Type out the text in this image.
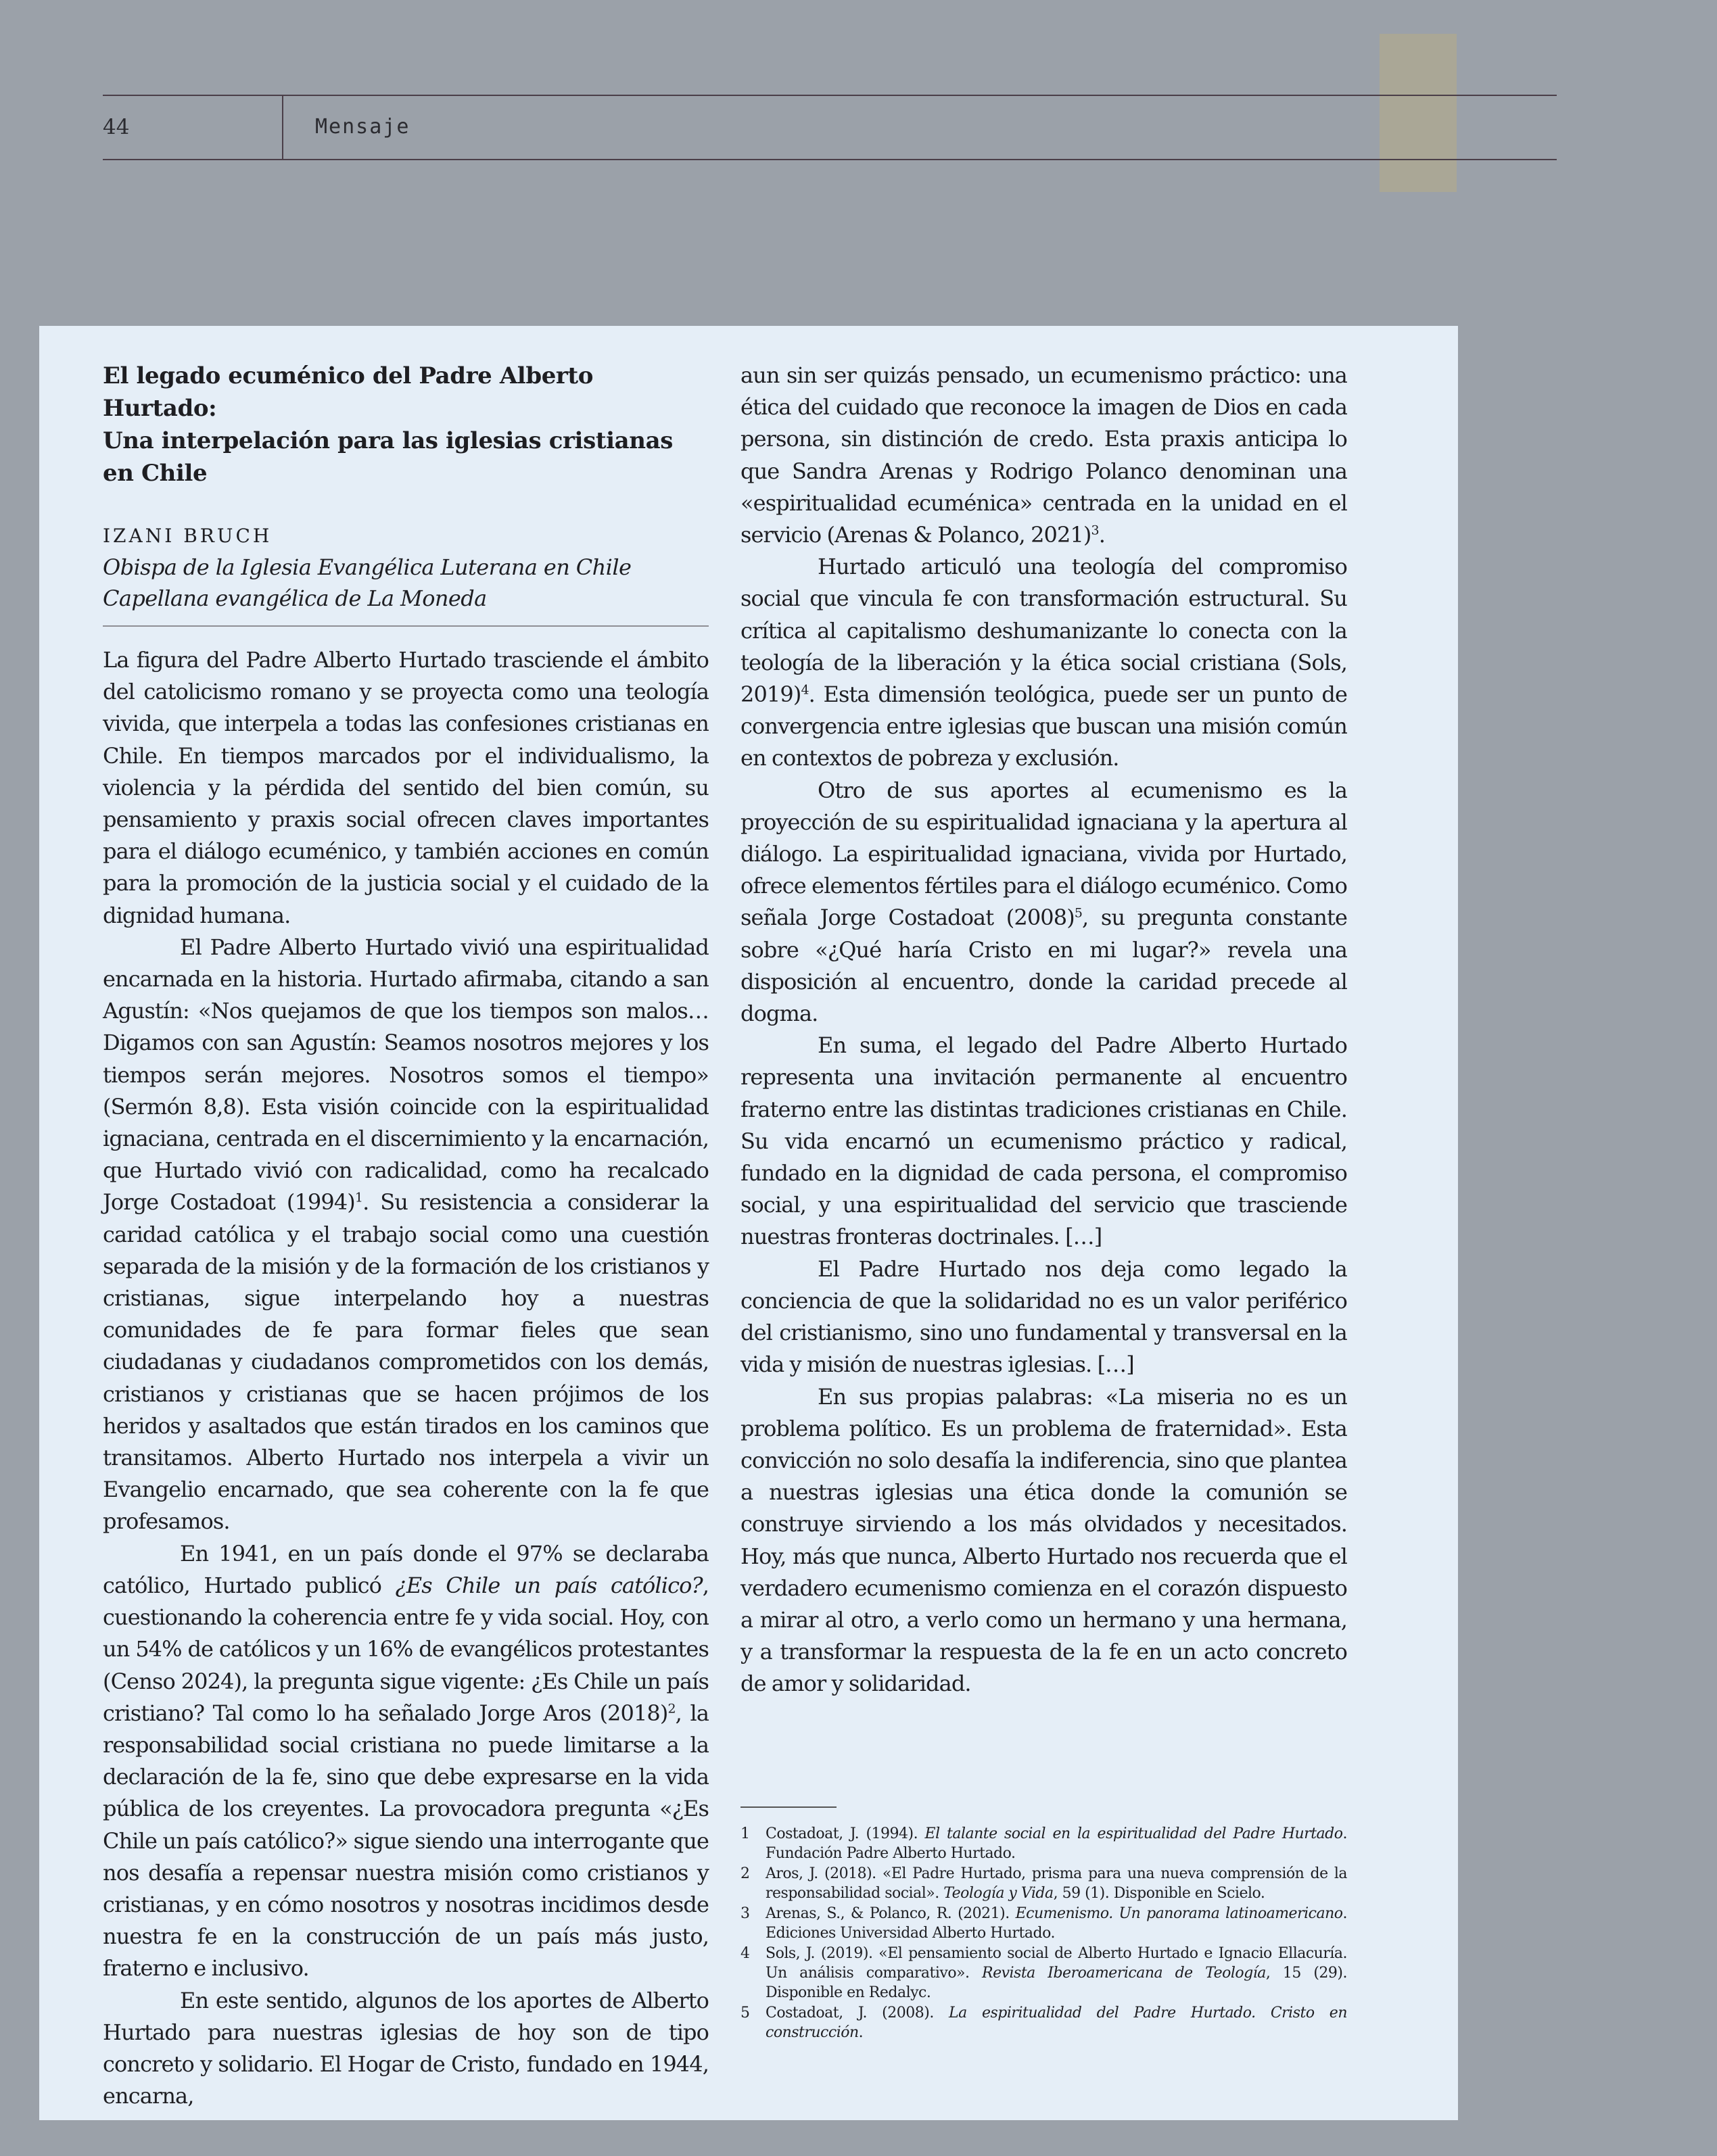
44	Mensaje
El legado ecuménico del Padre Alberto Hurtado:
Una interpelación para las iglesias cristianas
en Chile
IZANI BRUCH
Obispa de la Iglesia Evangélica Luterana en Chile
Capellana evangélica de La Moneda

La figura del Padre Alberto Hurtado trasciende el ámbito del catolicismo romano y se proyecta como una teología vivida, que interpela a todas las confesiones cristianas en Chile. En tiempos marcados por el individualismo, la violencia y la pérdida del sentido del bien común, su pensamiento y praxis social ofrecen claves importantes para el diálogo ecuménico, y también acciones en común para la promoción de la justicia social y el cuidado de la dignidad humana.

El Padre Alberto Hurtado vivió una espiritualidad encarnada en la historia. Hurtado afirmaba, citando a san Agustín: «Nos quejamos de que los tiempos son malos… Digamos con san Agustín: Seamos nosotros mejores y los tiempos serán mejores. Nosotros somos el tiempo» (Sermón 8,8). Esta visión coincide con la espiritualidad ignaciana, centrada en el discernimiento y la encarnación, que Hurtado vivió con radicalidad, como ha recalcado Jorge Costadoat $(1994)^1$. Su resistencia a considerar la caridad católica y el trabajo social como una cuestión separada de la misión y de la formación de los cristianos y cristianas, sigue interpelando hoy a nuestras comunidades de fe para formar fieles que sean ciudadanas y ciudadanos comprometidos con los demás, cristianos y cristianas que se hacen prójimos de los heridos y asaltados que están tirados en los caminos que transitamos. Alberto Hurtado nos interpela a vivir un Evangelio encarnado, que sea coherente con la fe que profesamos.

En 1941, en un país donde el 97% se declaraba católico, Hurtado publicó ¿Es Chile un país católico?, cuestionando la coherencia entre fe y vida social. Hoy, con un 54% de católicos y un 16% de evangélicos protestantes (Censo 2024), la pregunta sigue vigente: ¿Es Chile un país cristiano? Tal como lo ha señalado Jorge Aros $(2018)^2$, la responsabilidad social cristiana no puede limitarse a la declaración de la fe, sino que debe expresarse en la vida pública de los creyentes. La provocadora pregunta «¿Es Chile un país católico?» sigue siendo una interrogante que nos desafía a repensar nuestra misión como cristianos y cristianas, y en cómo nosotros y nosotras incidimos desde nuestra fe en la construcción de un país más justo, fraterno e inclusivo.

En este sentido, algunos de los aportes de Alberto Hurtado para nuestras iglesias de hoy son de tipo concreto y solidario. El Hogar de Cristo, fundado en 1944, encarna,

aun sin ser quizás pensado, un ecumenismo práctico: una ética del cuidado que reconoce la imagen de Dios en cada persona, sin distinción de credo. Esta praxis anticipa lo que Sandra Arenas y Rodrigo Polanco denominan una «espiritualidad ecuménica» centrada en la unidad en el servicio (Arenas & Polanco, 2021)$^3$.

Hurtado articuló una teología del compromiso social que vincula fe con transformación estructural. Su crítica al capitalismo deshumanizante lo conecta con la teología de la liberación y la ética social cristiana (Sols, 2019)$^4$. Esta dimensión teológica, puede ser un punto de convergencia entre iglesias que buscan una misión común en contextos de pobreza y exclusión.

Otro de sus aportes al ecumenismo es la proyección de su espiritualidad ignaciana y la apertura al diálogo. La espiritualidad ignaciana, vivida por Hurtado, ofrece elementos fértiles para el diálogo ecuménico. Como señala Jorge Costadoat $(2008)^5$, su pregunta constante sobre «¿Qué haría Cristo en mi lugar?» revela una disposición al encuentro, donde la caridad precede al dogma.

En suma, el legado del Padre Alberto Hurtado representa una invitación permanente al encuentro fraterno entre las distintas tradiciones cristianas en Chile. Su vida encarnó un ecumenismo práctico y radical, fundado en la dignidad de cada persona, el compromiso social, y una espiritualidad del servicio que trasciende nuestras fronteras doctrinales. […]

El Padre Hurtado nos deja como legado la conciencia de que la solidaridad no es un valor periférico del cristianismo, sino uno fundamental y transversal en la vida y misión de nuestras iglesias. […]

En sus propias palabras: «La miseria no es un problema político. Es un problema de fraternidad». Esta convicción no solo desafía la indiferencia, sino que plantea a nuestras iglesias una ética donde la comunión se construye sirviendo a los más olvidados y necesitados. Hoy, más que nunca, Alberto Hurtado nos recuerda que el verdadero ecumenismo comienza en el corazón dispuesto a mirar al otro, a verlo como un hermano y una hermana, y a transformar la respuesta de la fe en un acto concreto de amor y solidaridad.

1	Costadoat, J. (1994). El talante social en la espiritualidad del Padre Hurtado. Fundación Padre Alberto Hurtado.
2	Aros, J. (2018). «El Padre Hurtado, prisma para una nueva comprensión de la responsabilidad social». Teología y Vida, 59 (1). Disponible en Scielo.
3	Arenas, S., & Polanco, R. (2021). Ecumenismo. Un panorama latinoamericano. Ediciones Universidad Alberto Hurtado.
4	Sols, J. (2019). «El pensamiento social de Alberto Hurtado e Ignacio Ellacuría. Un análisis comparativo». Revista Iberoamericana de Teología, 15 (29). Disponible en Redalyc.
5	Costadoat, J. (2008). La espiritualidad del Padre Hurtado. Cristo en construcción.
